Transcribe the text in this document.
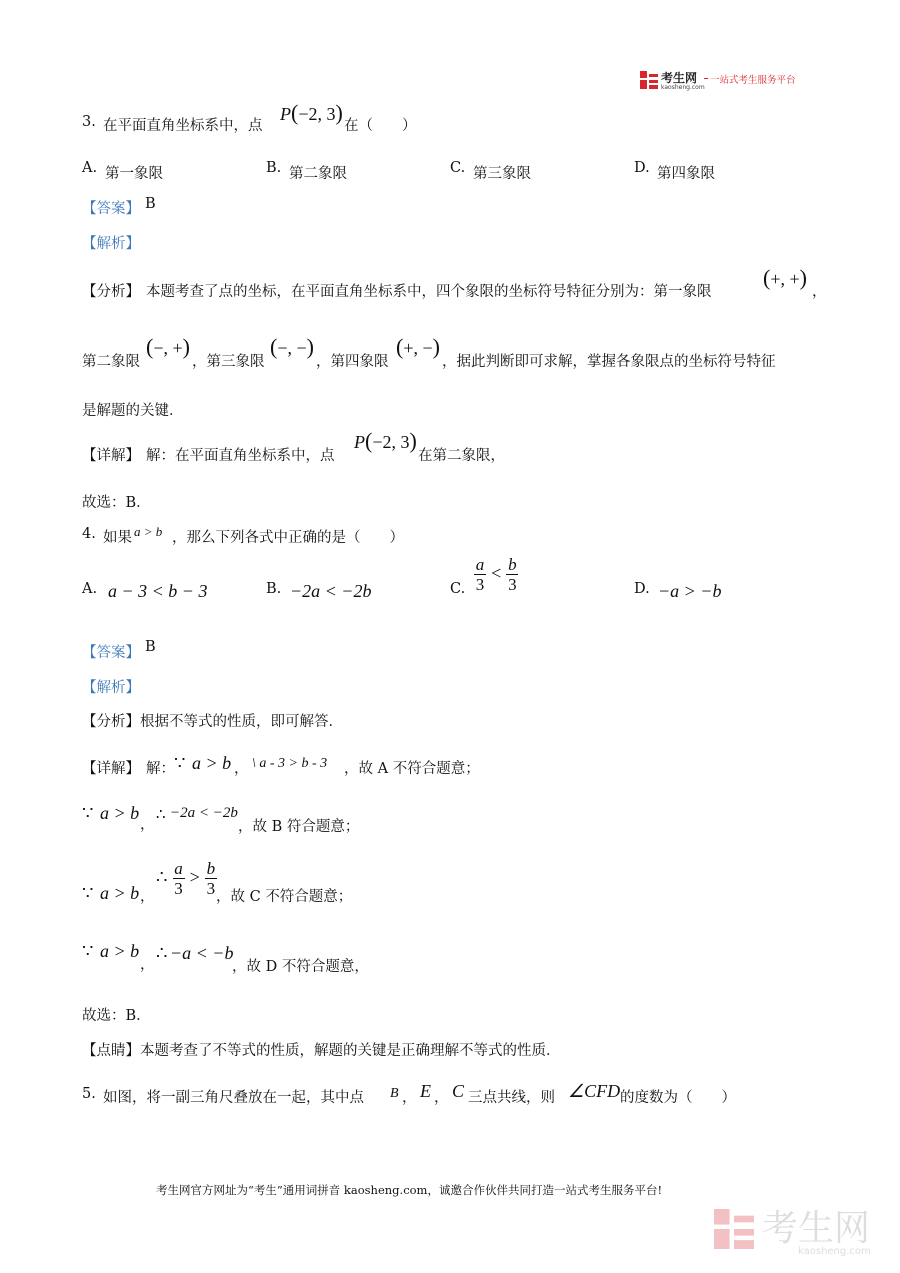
考生网
kaosheng.com
一站式考生服务平台
3. 在平面直角坐标系中，点
P(−2, 3)
在（　　）
A. 第一象限	B. 第二象限	C. 第三象限	D. 第四象限
【答案】 B
【解析】
【分析】 本题考查了点的坐标，在平面直角坐标系中，四个象限的坐标符号特征分别为：第一象限
(+, +)
，
第二象限
(−, +)
，第三象限
(−, −)
，第四象限
(+, −)
，据此判断即可求解，掌握各象限点的坐标符号特征
是解题的关键．
【详解】 解：在平面直角坐标系中，点
P(−2, 3)
在第二象限，
故选：B．
4. 如果 a > b ，那么下列各式中正确的是（　　）
A. a − 3 < b − 3	B. −2a < −2b	C. $\frac{a}{3} < \frac{b}{3}$	D. −a > −b
【答案】 B
【解析】
【分析】根据不等式的性质，即可解答．
【详解】 解： ∵ a > b ， \ a - 3 > b - 3 ，故 A 不符合题意；
∵ a > b
，
∴ −2a < −2b
，故 B 符合题意；
∵ a > b ，
∴ $\frac{a}{3} > \frac{b}{3}$ ，故 C 不符合题意；
∵ a > b
，
∴ −a < −b
，故 D 不符合题意，
故选：B．
【点睛】本题考查了不等式的性质，解题的关键是正确理解不等式的性质．
5. 如图，将一副三角尺叠放在一起，其中点 B ， E ， C 三点共线，则 ∠CFD 的度数为（　　）
考生网官方网址为“考生”通用词拼音 kaosheng.com，诚邀合作伙伴共同打造一站式考生服务平台!
考生网
kaosheng.com
